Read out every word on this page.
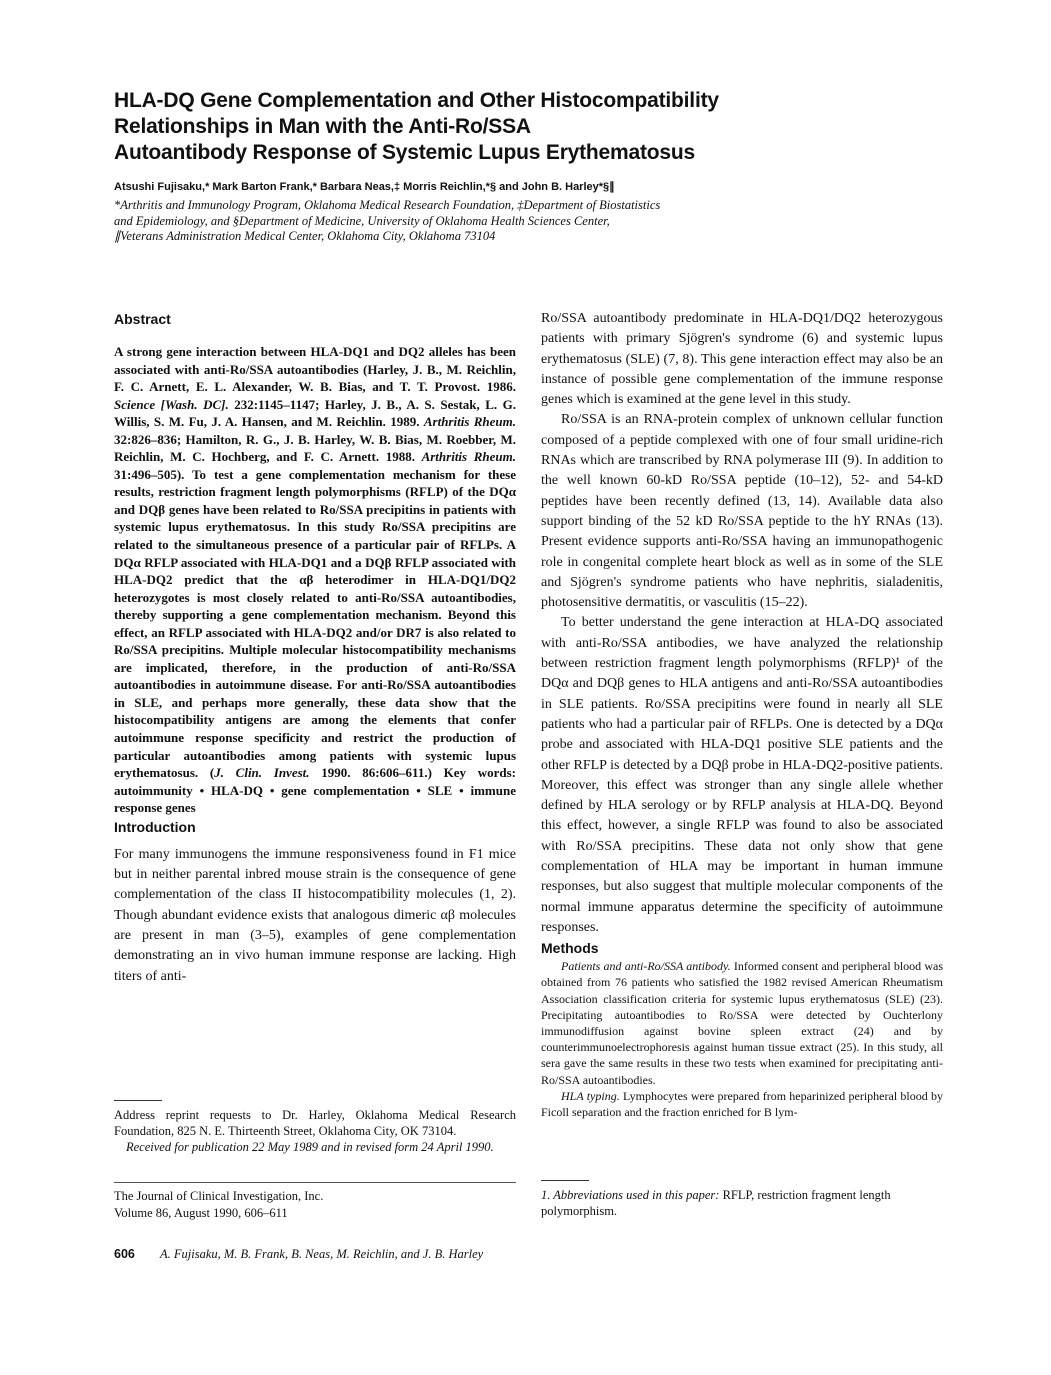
HLA-DQ Gene Complementation and Other Histocompatibility
Relationships in Man with the Anti-Ro/SSA
Autoantibody Response of Systemic Lupus Erythematosus
Atsushi Fujisaku,* Mark Barton Frank,* Barbara Neas,‡ Morris Reichlin,*§ and John B. Harley*§∥
*Arthritis and Immunology Program, Oklahoma Medical Research Foundation, ‡Department of Biostatistics
and Epidemiology, and §Department of Medicine, University of Oklahoma Health Sciences Center,
∥Veterans Administration Medical Center, Oklahoma City, Oklahoma 73104
Abstract

A strong gene interaction between HLA-DQ1 and DQ2 alleles has been associated with anti-Ro/SSA autoantibodies (Harley, J. B., M. Reichlin, F. C. Arnett, E. L. Alexander, W. B. Bias, and T. T. Provost. 1986. Science [Wash. DC]. 232:1145–1147; Harley, J. B., A. S. Sestak, L. G. Willis, S. M. Fu, J. A. Hansen, and M. Reichlin. 1989. Arthritis Rheum. 32:826–836; Hamilton, R. G., J. B. Harley, W. B. Bias, M. Roebber, M. Reichlin, M. C. Hochberg, and F. C. Arnett. 1988. Arthritis Rheum. 31:496–505). To test a gene complementation mechanism for these results, restriction fragment length polymorphisms (RFLP) of the DQα and DQβ genes have been related to Ro/SSA precipitins in patients with systemic lupus erythematosus. In this study Ro/SSA precipitins are related to the simultaneous presence of a particular pair of RFLPs. A DQα RFLP associated with HLA-DQ1 and a DQβ RFLP associated with HLA-DQ2 predict that the αβ heterodimer in HLA-DQ1/DQ2 heterozygotes is most closely related to anti-Ro/SSA autoantibodies, thereby supporting a gene complementation mechanism. Beyond this effect, an RFLP associated with HLA-DQ2 and/or DR7 is also related to Ro/SSA precipitins. Multiple molecular histocompatibility mechanisms are implicated, therefore, in the production of anti-Ro/SSA autoantibodies in autoimmune disease. For anti-Ro/SSA autoantibodies in SLE, and perhaps more generally, these data show that the histocompatibility antigens are among the elements that confer autoimmune response specificity and restrict the production of particular autoantibodies among patients with systemic lupus erythematosus. (J. Clin. Invest. 1990. 86:606–611.) Key words: autoimmunity • HLA-DQ • gene complementation • SLE • immune response genes

Introduction

For many immunogens the immune responsiveness found in F1 mice but in neither parental inbred mouse strain is the consequence of gene complementation of the class II histocompatibility molecules (1, 2). Though abundant evidence exists that analogous dimeric αβ molecules are present in man (3–5), examples of gene complementation demonstrating an in vivo human immune response are lacking. High titers of anti-

Ro/SSA autoantibody predominate in HLA-DQ1/DQ2 heterozygous patients with primary Sjögren's syndrome (6) and systemic lupus erythematosus (SLE) (7, 8). This gene interaction effect may also be an instance of possible gene complementation of the immune response genes which is examined at the gene level in this study.

Ro/SSA is an RNA-protein complex of unknown cellular function composed of a peptide complexed with one of four small uridine-rich RNAs which are transcribed by RNA polymerase III (9). In addition to the well known 60-kD Ro/SSA peptide (10–12), 52- and 54-kD peptides have been recently defined (13, 14). Available data also support binding of the 52 kD Ro/SSA peptide to the hY RNAs (13). Present evidence supports anti-Ro/SSA having an immunopathogenic role in congenital complete heart block as well as in some of the SLE and Sjögren's syndrome patients who have nephritis, sialadenitis, photosensitive dermatitis, or vasculitis (15–22).

To better understand the gene interaction at HLA-DQ associated with anti-Ro/SSA antibodies, we have analyzed the relationship between restriction fragment length polymorphisms (RFLP)¹ of the DQα and DQβ genes to HLA antigens and anti-Ro/SSA autoantibodies in SLE patients. Ro/SSA precipitins were found in nearly all SLE patients who had a particular pair of RFLPs. One is detected by a DQα probe and associated with HLA-DQ1 positive SLE patients and the other RFLP is detected by a DQβ probe in HLA-DQ2-positive patients. Moreover, this effect was stronger than any single allele whether defined by HLA serology or by RFLP analysis at HLA-DQ. Beyond this effect, however, a single RFLP was found to also be associated with Ro/SSA precipitins. These data not only show that gene complementation of HLA may be important in human immune responses, but also suggest that multiple molecular components of the normal immune apparatus determine the specificity of autoimmune responses.

Methods

Patients and anti-Ro/SSA antibody. Informed consent and peripheral blood was obtained from 76 patients who satisfied the 1982 revised American Rheumatism Association classification criteria for systemic lupus erythematosus (SLE) (23). Precipitating autoantibodies to Ro/SSA were detected by Ouchterlony immunodiffusion against bovine spleen extract (24) and by counterimmunoelectrophoresis against human tissue extract (25). In this study, all sera gave the same results in these two tests when examined for precipitating anti-Ro/SSA autoantibodies.

HLA typing. Lymphocytes were prepared from heparinized peripheral blood by Ficoll separation and the fraction enriched for B lym-

Address reprint requests to Dr. Harley, Oklahoma Medical Research Foundation, 825 N. E. Thirteenth Street, Oklahoma City, OK 73104.

Received for publication 22 May 1989 and in revised form 24 April 1990.

The Journal of Clinical Investigation, Inc.
Volume 86, August 1990, 606–611

1. Abbreviations used in this paper: RFLP, restriction fragment length polymorphism.

606 A. Fujisaku, M. B. Frank, B. Neas, M. Reichlin, and J. B. Harley
